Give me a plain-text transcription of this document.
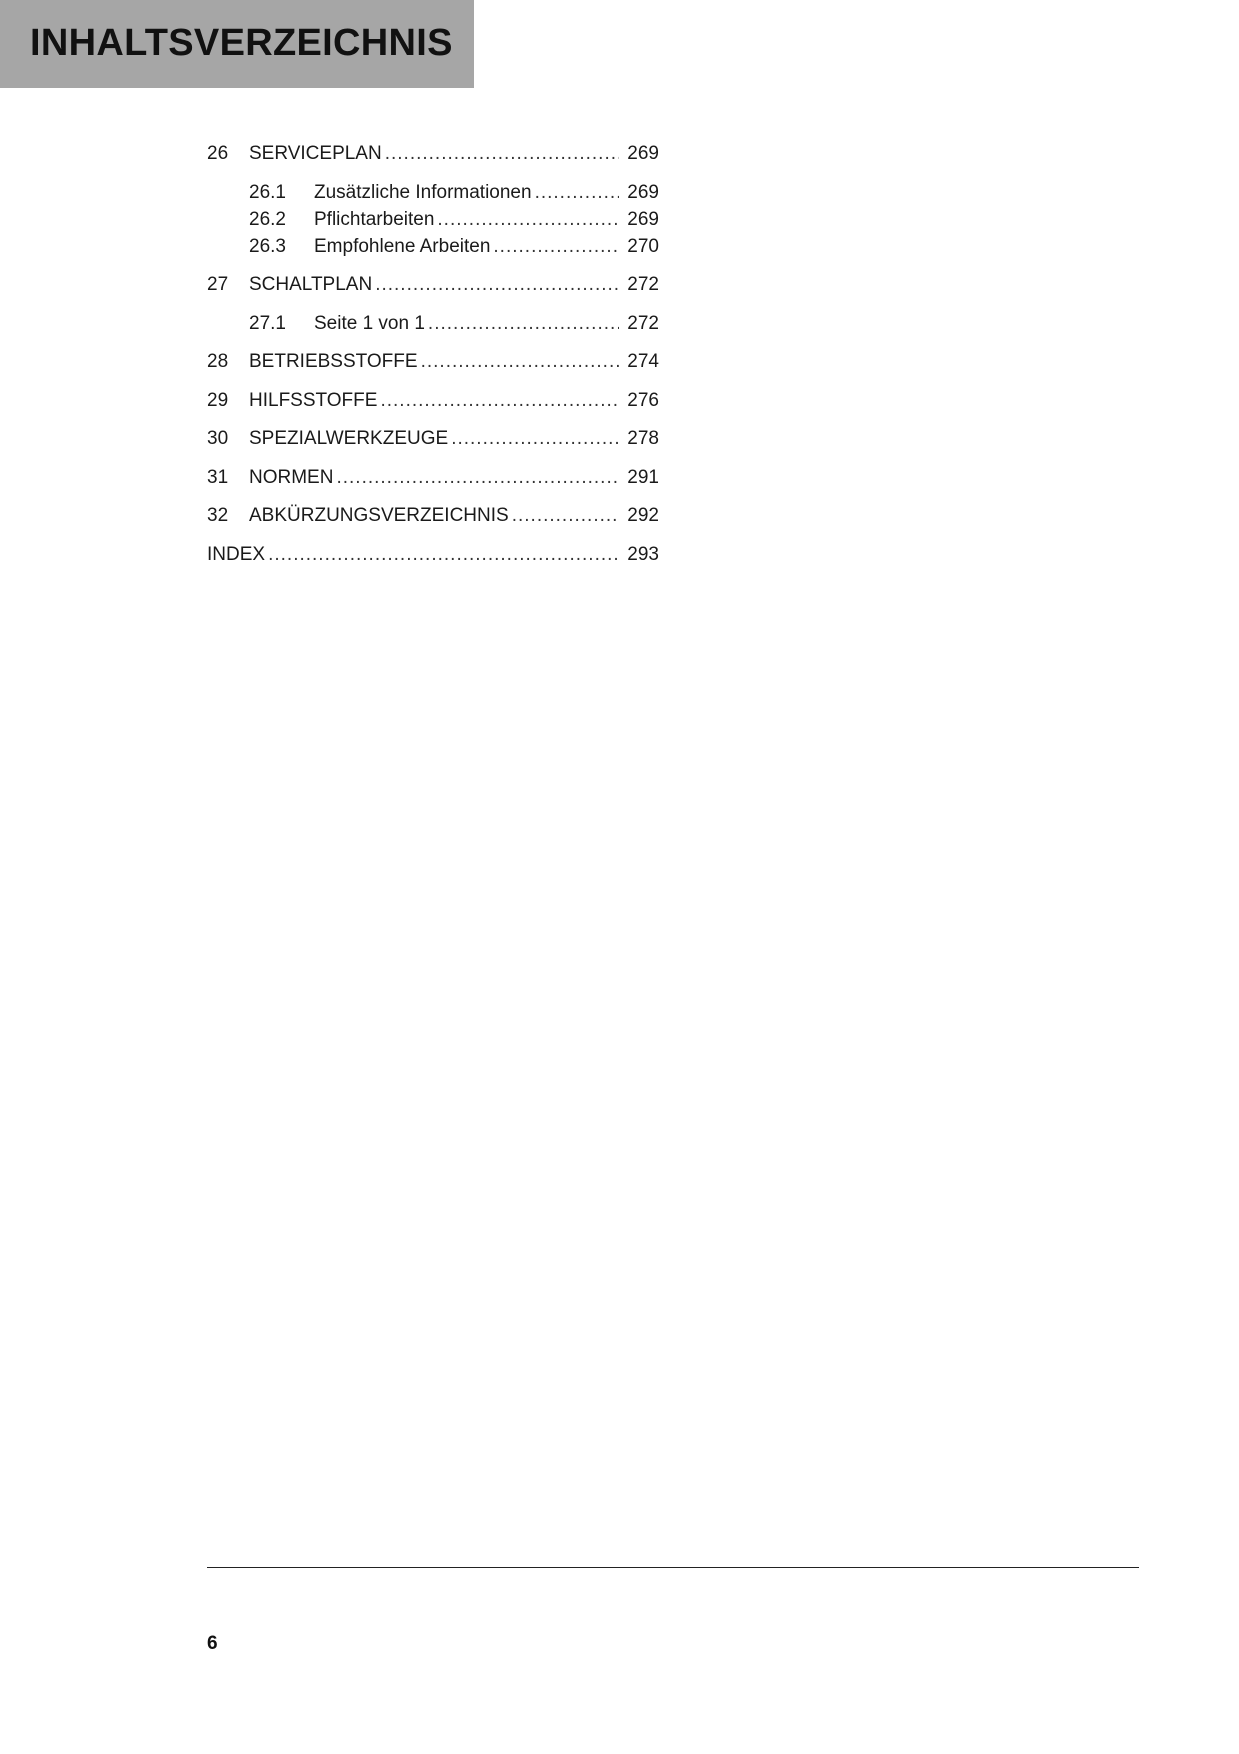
INHALTSVERZEICHNIS
26	SERVICEPLAN .....	269
26.1	Zusätzliche Informationen .....	269
26.2	Pflichtarbeiten .....	269
26.3	Empfohlene Arbeiten .....	270
27	SCHALTPLAN .....	272
27.1	Seite 1 von 1 .....	272
28	BETRIEBSSTOFFE .....	274
29	HILFSSTOFFE .....	276
30	SPEZIALWERKZEUGE .....	278
31	NORMEN .....	291
32	ABKÜRZUNGSVERZEICHNIS .....	292
INDEX .....	293
6
